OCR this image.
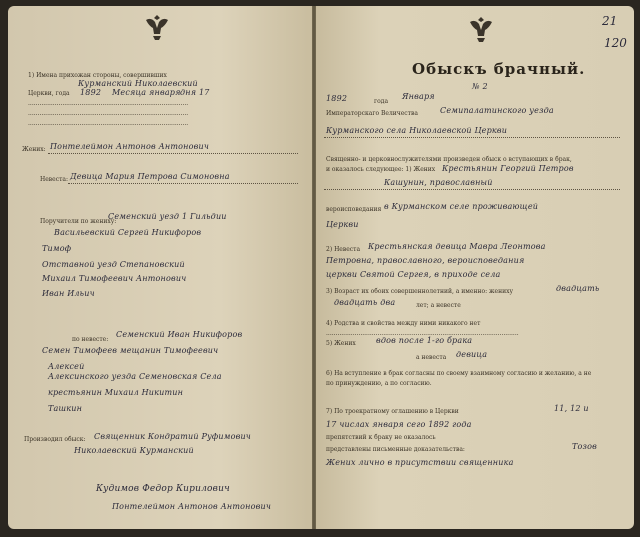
1) Имена прихожан стороны, совершивших
Курманский Николаевский
Церкви, года 1892 Месяца января дня 17
....................................................................................
....................................................................................
....................................................................................
Жених: Понтелеймон Антонов Антонович
Невеста: Девица Мария Петрова Симоновна
Поручители по жениху:
Семенский уезд 1 Гильдии
Васильевский Сергей Никифоров
Тимоф
Отставной уезд Степановский
Михаил Тимофеевич Антонович
Иван Ильич
по невесте:
Семенский Иван Никифоров
Семен Тимофеев мещанин Тимофеевич
Алексей
Алексинского уезда Семеновская Села
крестьянин Михаил Никитин
Ташкин
Производил обыск: Священник Кондратий Руфимович
Николаевский Курманский
Кудимов Федор Кирилович
Понтелеймон Антонов Антонович
21
120
Обыскъ брачный.
№ 2
1892	года
Января
Императорскаго Величества	Семипалатинского уезда
Курманского села Николаевской Церкви
Священно- и церковнослужителями произведен обыск о вступающих в брак,
и оказалось следующее: 1) Жених Крестьянин Георгий Петров
Кашунин, православный
вероисповедания в Курманском селе проживающей
Церкви
2) Невеста Крестьянская девица Мавра Леонтова
Петровна, православного, вероисповедания
церкви Святой Сергея, в приходе села
3) Возраст их обоих совершеннолетний, а именно: жениху	двадцать
двадцать два	лет; а невесте
4) Родства и свойства между ними никакого нет
.....................................................................................................
5) Жених	вдов после 1-го брака
а невеста девица
6) На вступление в брак согласны по своему взаимному согласию и желанию, а не
по принуждению, а по согласию.
7) По троекратному оглашению в Церкви	11, 12 и
17 числах января сего 1892 года
препятствий к браку не оказалось
Тозов
представлены письменные доказательства:
Жених лично в присутствии священника
